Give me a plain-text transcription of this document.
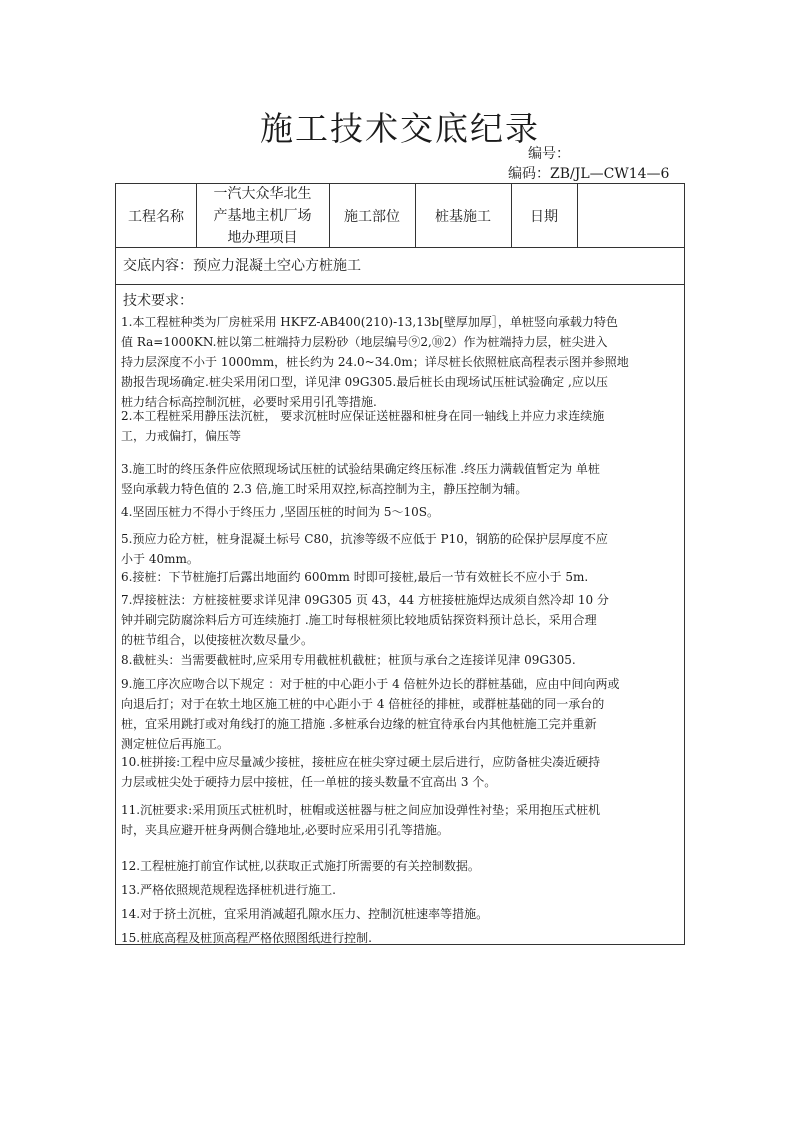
施工技术交底纪录
编号：
编码：ZB/JL—CW14—6
工程名称
一汽大众华北生
产基地主机厂场
地办理项目
施工部位	桩基施工	日期
交底内容：预应力混凝土空心方桩施工
技术要求：

1.本工程桩种类为厂房桩采用 HKFZ-AB400(210)-13,13b[壁厚加厚］，单桩竖向承载力特色

值 Ra=1000KN.桩以第二桩端持力层粉砂（地层编号⑨2,⑩2）作为桩端持力层，桩尖进入

持力层深度不小于 1000mm，桩长约为 24.0~34.0m；详尽桩长依照桩底高程表示图并参照地

勘报告现场确定.桩尖采用闭口型，详见津 09G305.最后桩长由现场试压桩试验确定 ,应以压

桩力结合标高控制沉桩，必要时采用引孔等措施.

2.本工程桩采用静压法沉桩， 要求沉桩时应保证送桩器和桩身在同一轴线上并应力求连续施

工，力戒偏打，偏压等

3.施工时的终压条件应依照现场试压桩的试验结果确定终压标准 .终压力满载值暂定为 单桩

竖向承载力特色值的 2.3 倍,施工时采用双控,标高控制为主，静压控制为辅。

4.坚固压桩力不得小于终压力 ,坚固压桩的时间为 5～10S。

5.预应力砼方桩，桩身混凝土标号 C80，抗渗等级不应低于 P10，钢筋的砼保护层厚度不应

小于 40mm。

6.接桩：下节桩施打后露出地面约 600mm 时即可接桩,最后一节有效桩长不应小于 5m.

7.焊接桩法：方桩接桩要求详见津 09G305 页 43，44 方桩接桩施焊达成须自然冷却 10 分

钟并刷完防腐涂料后方可连续施打 .施工时每根桩须比较地质钻探资料预计总长，采用合理

的桩节组合，以使接桩次数尽量少。

8.截桩头：当需要截桩时,应采用专用截桩机截桩；桩顶与承台之连接详见津 09G305.

9.施工序次应吻合以下规定 ：对于桩的中心距小于 4 倍桩外边长的群桩基础，应由中间向两或

向退后打；对于在软土地区施工桩的中心距小于 4 倍桩径的排桩，或群桩基础的同一承台的

桩，宜采用跳打或对角线打的施工措施 .多桩承台边缘的桩宜待承台内其他桩施工完并重新

测定桩位后再施工。

10.桩拼接:工程中应尽量减少接桩，接桩应在桩尖穿过硬土层后进行，应防备桩尖凑近硬持

力层或桩尖处于硬持力层中接桩，任一单桩的接头数量不宜高出 3 个。

11.沉桩要求:采用顶压式桩机时，桩帽或送桩器与桩之间应加设弹性衬垫；采用抱压式桩机

时，夹具应避开桩身两侧合缝地址,必要时应采用引孔等措施。

12.工程桩施打前宜作试桩,以获取正式施打所需要的有关控制数据。

13.严格依照规范规程选择桩机进行施工.

14.对于挤土沉桩，宜采用消减超孔隙水压力、控制沉桩速率等措施。

15.桩底高程及桩顶高程严格依照图纸进行控制.
